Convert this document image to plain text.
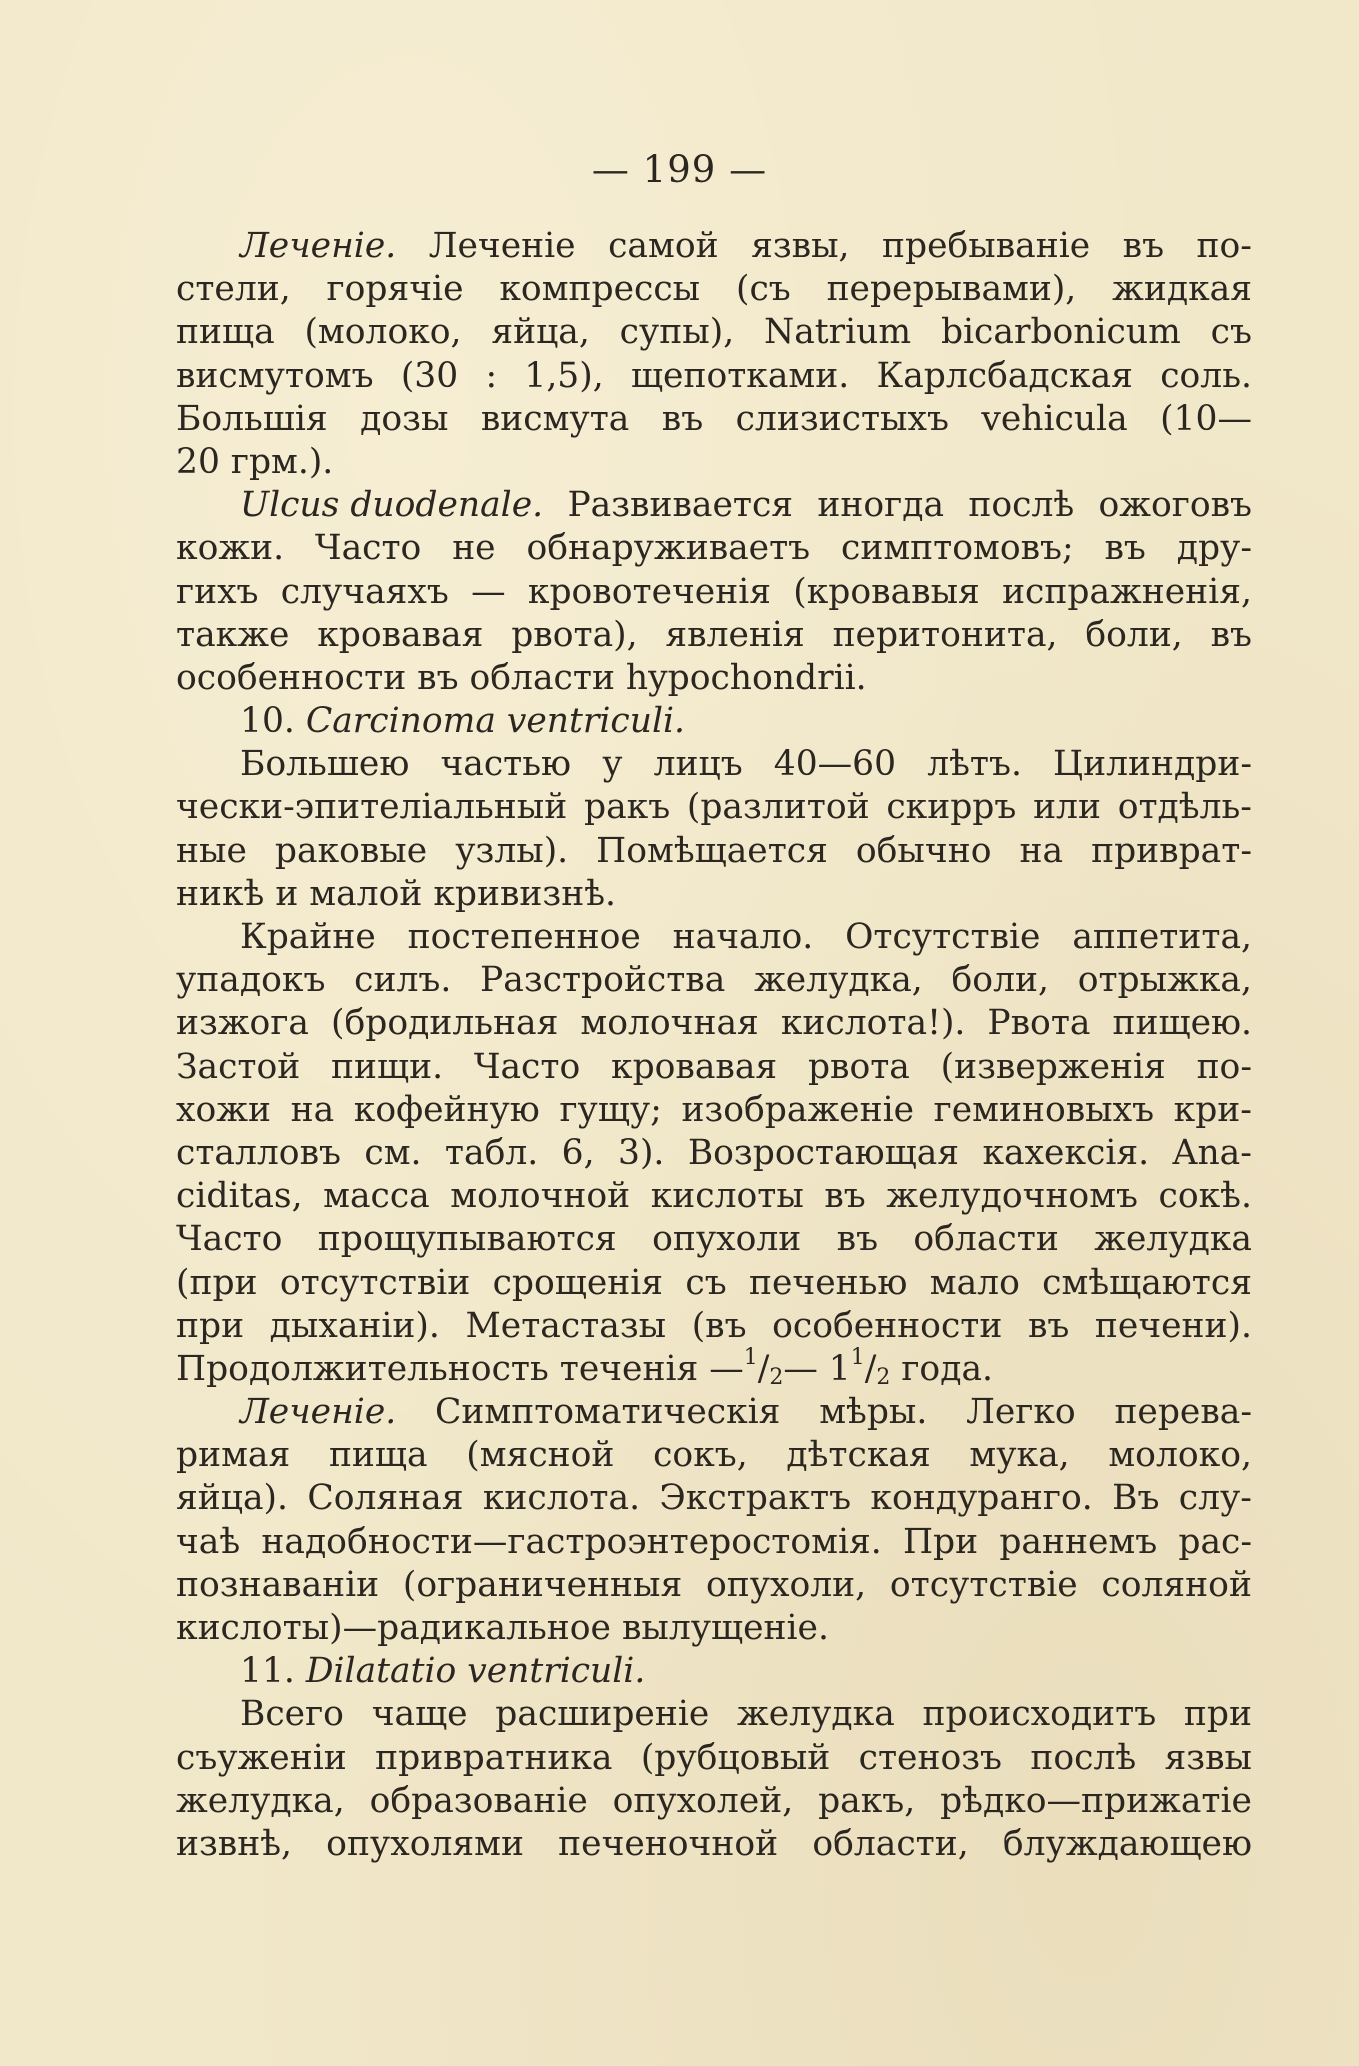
— 199 —
Леченіе. Леченіе самой язвы, пребываніе въ по-
стели, горячіе компрессы (съ перерывами), жидкая
пища (молоко, яйца, супы), Natrium bicarbonicum съ
висмутомъ (30 : 1,5), щепотками. Карлсбадская соль.
Большія дозы висмута въ слизистыхъ vehicula (10—
20 грм.).
Ulcus duodenale. Развивается иногда послѣ ожоговъ
кожи. Часто не обнаруживаетъ симптомовъ; въ дру-
гихъ случаяхъ — кровотеченія (кровавыя испражненія,
также кровавая рвота), явленія перитонита, боли, въ
особенности въ области hypochondrii.
10. Carcinoma ventriculi.
Большею частью у лицъ 40—60 лѣтъ. Цилиндри-
чески-эпителіальный ракъ (разлитой скирръ или отдѣль-
ные раковые узлы). Помѣщается обычно на приврат-
никѣ и малой кривизнѣ.
Крайне постепенное начало. Отсутствіе аппетита,
упадокъ силъ. Разстройства желудка, боли, отрыжка,
изжога (бродильная молочная кислота!). Рвота пищею.
Застой пищи. Часто кровавая рвота (изверженія по-
хожи на кофейную гущу; изображеніе геминовыхъ кри-
сталловъ см. табл. 6, 3). Возростающая кахексія. Ana-
ciditas, масса молочной кислоты въ желудочномъ сокѣ.
Часто прощупываются опухоли въ области желудка
(при отсутствіи срощенія съ печенью мало смѣщаются
при дыханіи). Метастазы (въ особенности въ печени).
Продолжительность теченія — 1 / 2 — 1 1 / 2 года.
Леченіе. Симптоматическія мѣры. Легко перева-
римая пища (мясной сокъ, дѣтская мука, молоко,
яйца). Соляная кислота. Экстрактъ кондуранго. Въ слу-
чаѣ надобности—гастроэнтеростомія. При раннемъ рас-
познаваніи (ограниченныя опухоли, отсутствіе соляной
кислоты)—радикальное вылущеніе.
11. Dilatatio ventriculi.
Всего чаще расширеніе желудка происходитъ при
съуженіи привратника (рубцовый стенозъ послѣ язвы
желудка, образованіе опухолей, ракъ, рѣдко—прижатіе
извнѣ, опухолями печеночной области, блуждающею
